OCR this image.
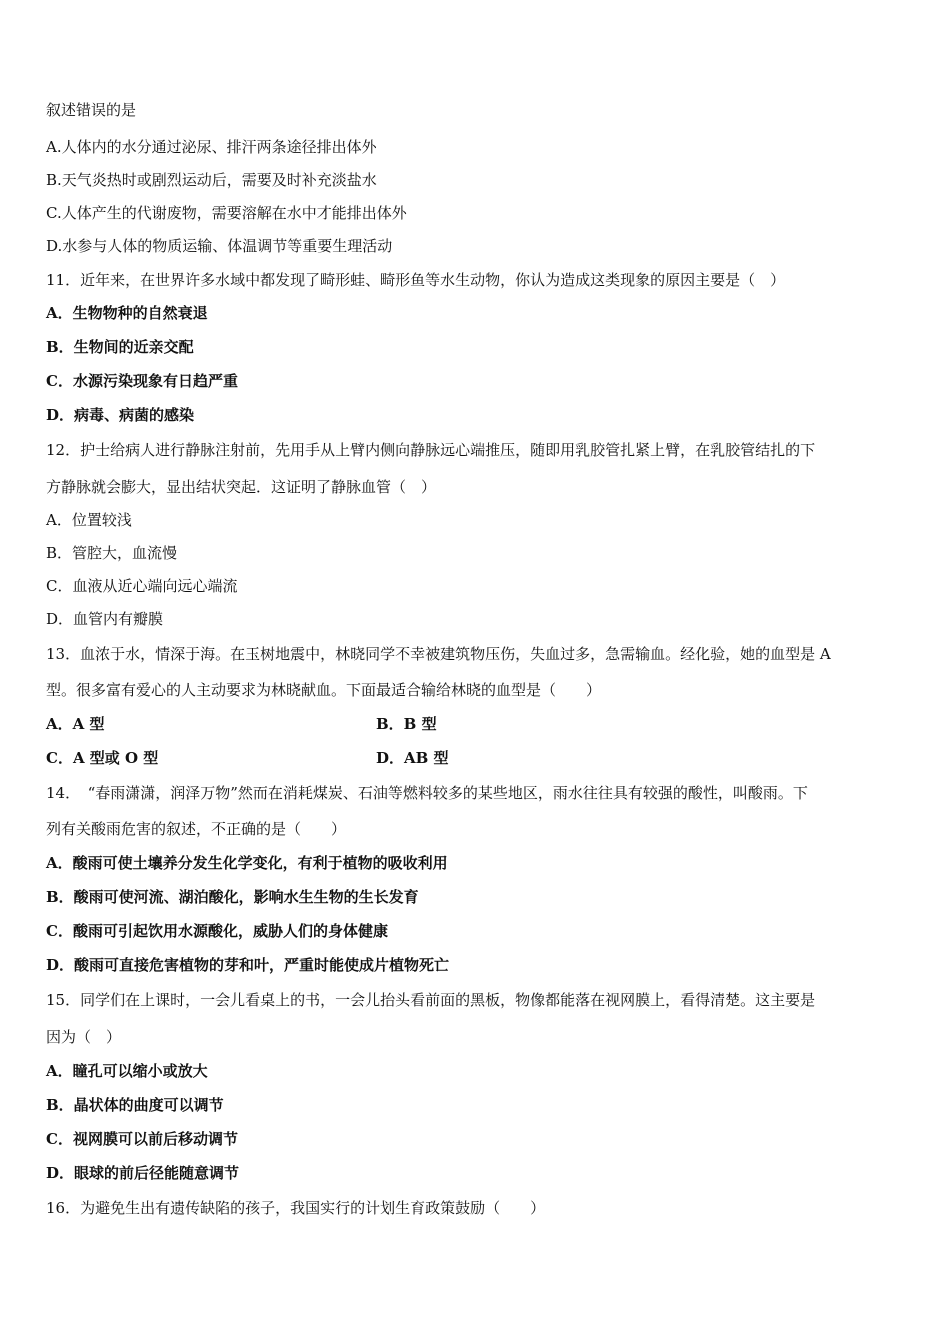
叙述错误的是
A.人体内的水分通过泌尿、排汗两条途径排出体外
B.天气炎热时或剧烈运动后，需要及时补充淡盐水
C.人体产生的代谢废物，需要溶解在水中才能排出体外
D.水参与人体的物质运输、体温调节等重要生理活动
11．近年来，在世界许多水域中都发现了畸形蛙、畸形鱼等水生动物，你认为造成这类现象的原因主要是（　）
A．生物物种的自然衰退
B．生物间的近亲交配
C．水源污染现象有日趋严重
D．病毒、病菌的感染
12．护士给病人进行静脉注射前，先用手从上臂内侧向静脉远心端推压，随即用乳胶管扎紧上臂，在乳胶管结扎的下
方静脉就会膨大，显出结状突起．这证明了静脉血管（　）
A．位置较浅
B．管腔大，血流慢
C．血液从近心端向远心端流
D．血管内有瓣膜
13．血浓于水，情深于海。在玉树地震中，林晓同学不幸被建筑物压伤，失血过多，急需输血。经化验，她的血型是 A
型。很多富有爱心的人主动要求为林晓献血。下面最适合输给林晓的血型是（　　）
A．A 型	B．B 型
C．A 型或 O 型	D．AB 型
14．　“春雨潇潇，润泽万物”然而在消耗煤炭、石油等燃料较多的某些地区，雨水往往具有较强的酸性，叫酸雨。下
列有关酸雨危害的叙述，不正确的是（　　）
A．酸雨可使土壤养分发生化学变化，有利于植物的吸收利用
B．酸雨可使河流、湖泊酸化，影响水生生物的生长发育
C．酸雨可引起饮用水源酸化，威胁人们的身体健康
D．酸雨可直接危害植物的芽和叶，严重时能使成片植物死亡
15．同学们在上课时，一会儿看桌上的书，一会儿抬头看前面的黑板，物像都能落在视网膜上，看得清楚。这主要是
因为（　）
A．瞳孔可以缩小或放大
B．晶状体的曲度可以调节
C．视网膜可以前后移动调节
D．眼球的前后径能随意调节
16．为避免生出有遗传缺陷的孩子，我国实行的计划生育政策鼓励（　　）
